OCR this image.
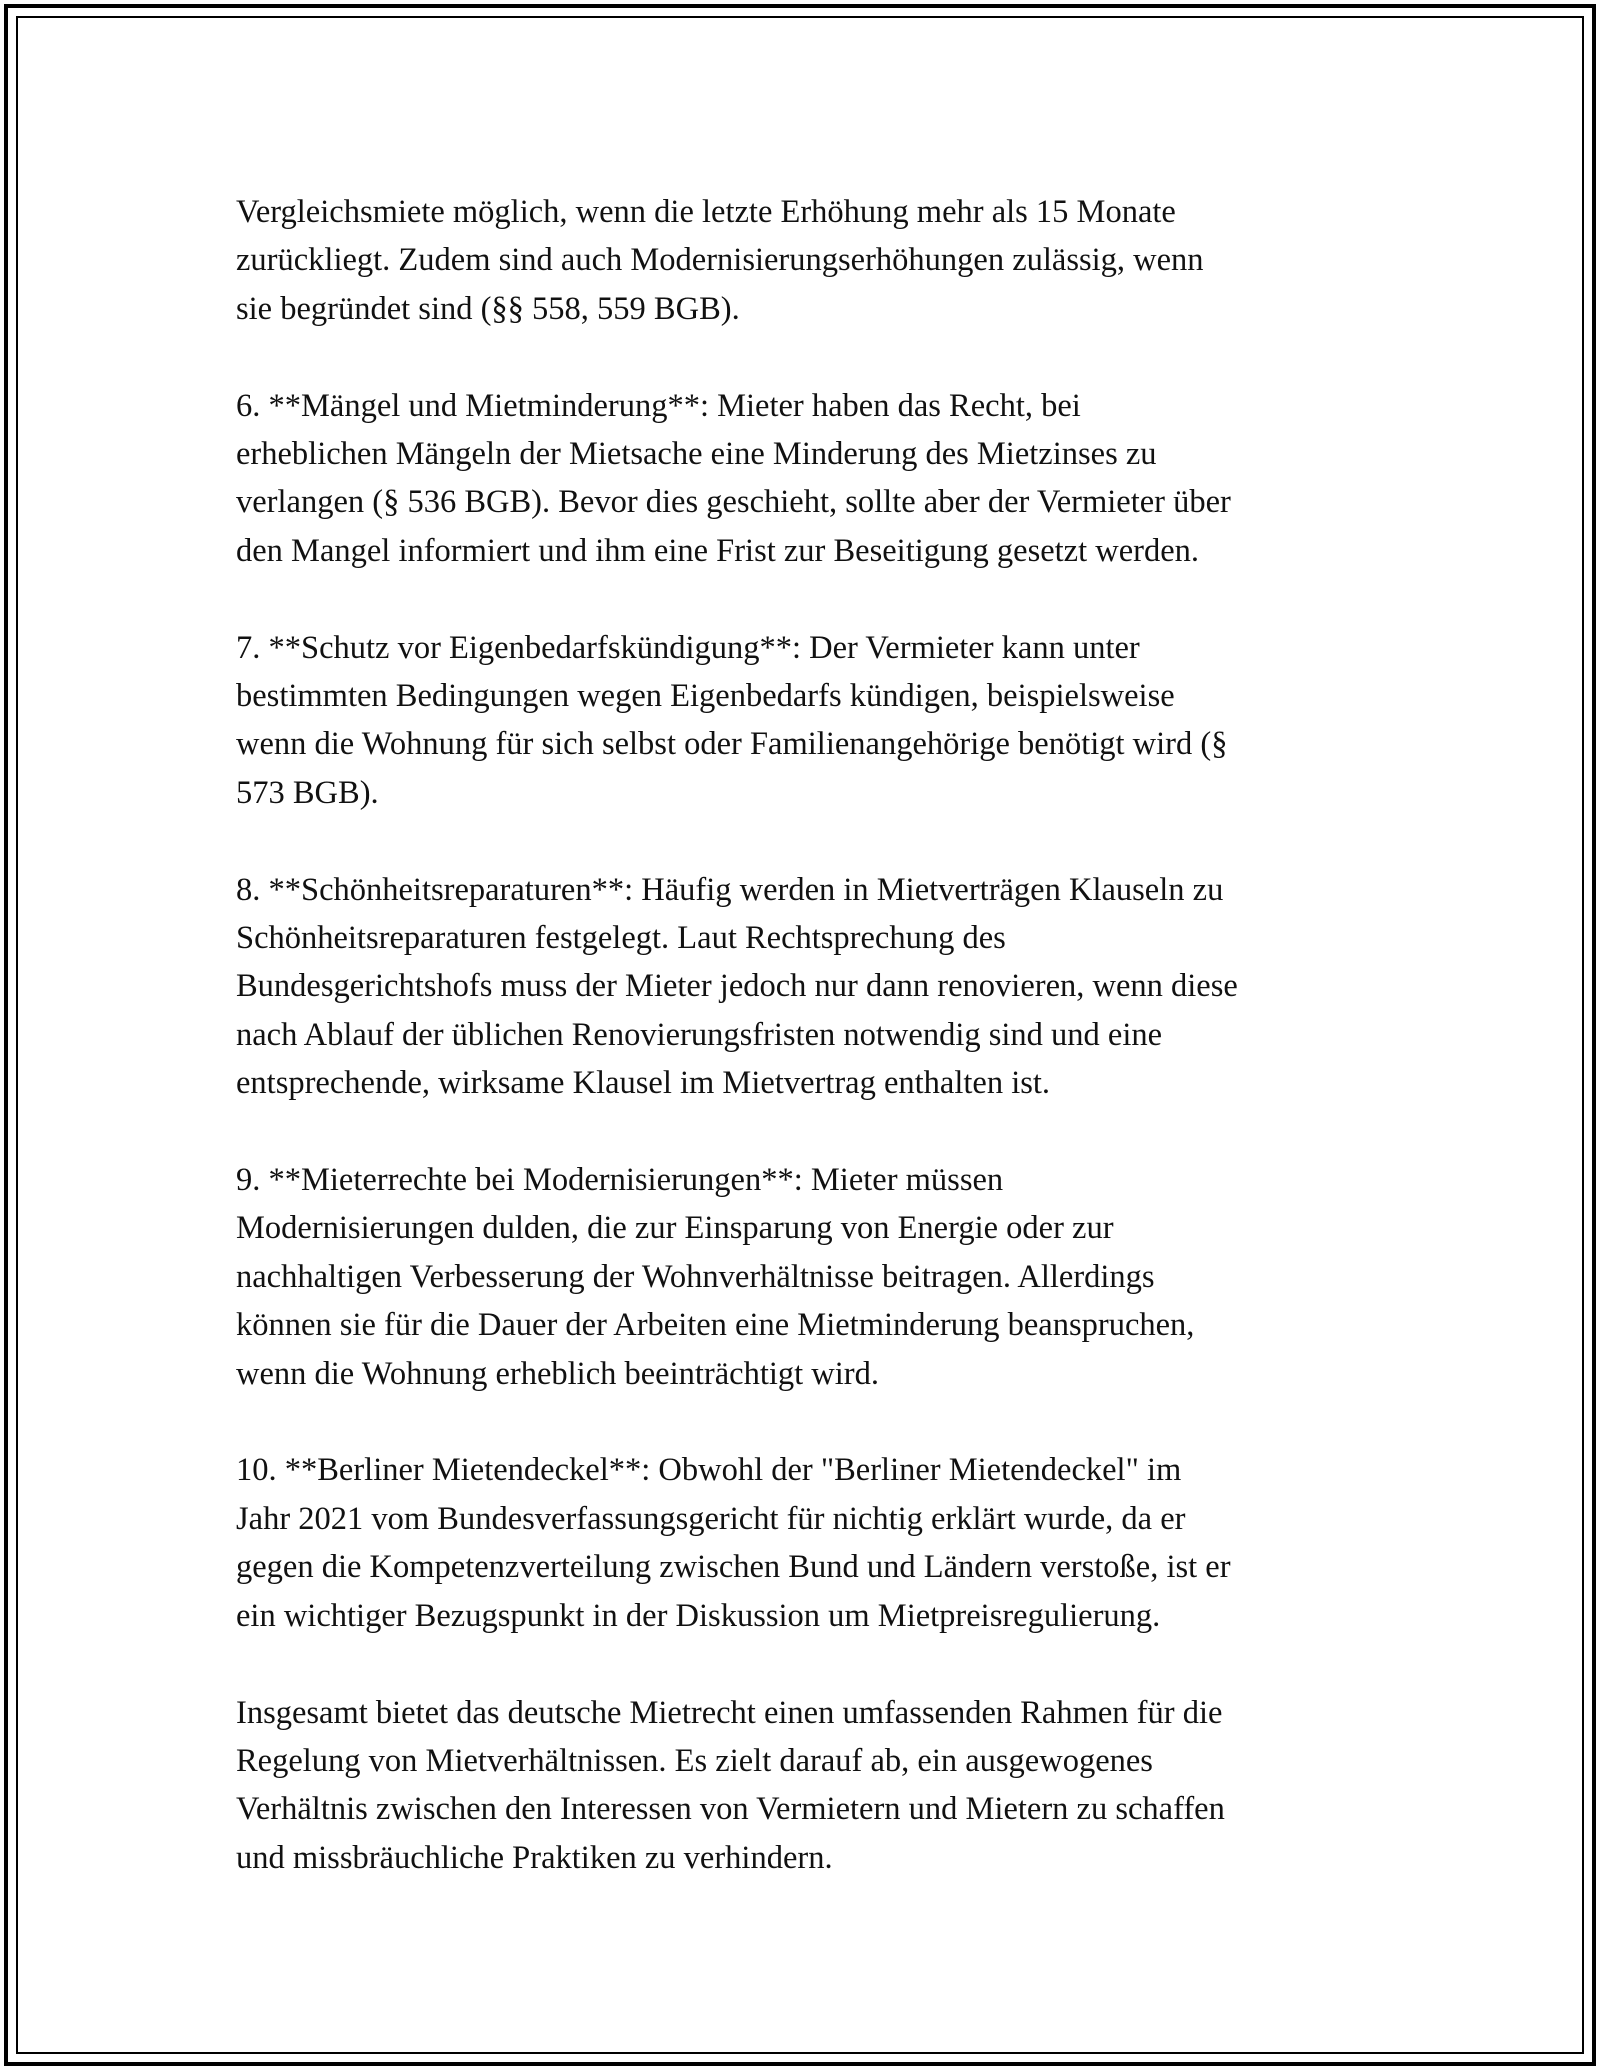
Vergleichsmiete möglich, wenn die letzte Erhöhung mehr als 15 Monate
zurückliegt. Zudem sind auch Modernisierungserhöhungen zulässig, wenn
sie begründet sind (§§ 558, 559 BGB).

6. **Mängel und Mietminderung**: Mieter haben das Recht, bei
erheblichen Mängeln der Mietsache eine Minderung des Mietzinses zu
verlangen (§ 536 BGB). Bevor dies geschieht, sollte aber der Vermieter über
den Mangel informiert und ihm eine Frist zur Beseitigung gesetzt werden.

7. **Schutz vor Eigenbedarfskündigung**: Der Vermieter kann unter
bestimmten Bedingungen wegen Eigenbedarfs kündigen, beispielsweise
wenn die Wohnung für sich selbst oder Familienangehörige benötigt wird (§
573 BGB).

8. **Schönheitsreparaturen**: Häufig werden in Mietverträgen Klauseln zu
Schönheitsreparaturen festgelegt. Laut Rechtsprechung des
Bundesgerichtshofs muss der Mieter jedoch nur dann renovieren, wenn diese
nach Ablauf der üblichen Renovierungsfristen notwendig sind und eine
entsprechende, wirksame Klausel im Mietvertrag enthalten ist.

9. **Mieterrechte bei Modernisierungen**: Mieter müssen
Modernisierungen dulden, die zur Einsparung von Energie oder zur
nachhaltigen Verbesserung der Wohnverhältnisse beitragen. Allerdings
können sie für die Dauer der Arbeiten eine Mietminderung beanspruchen,
wenn die Wohnung erheblich beeinträchtigt wird.

10. **Berliner Mietendeckel**: Obwohl der "Berliner Mietendeckel" im
Jahr 2021 vom Bundesverfassungsgericht für nichtig erklärt wurde, da er
gegen die Kompetenzverteilung zwischen Bund und Ländern verstoße, ist er
ein wichtiger Bezugspunkt in der Diskussion um Mietpreisregulierung.

Insgesamt bietet das deutsche Mietrecht einen umfassenden Rahmen für die
Regelung von Mietverhältnissen. Es zielt darauf ab, ein ausgewogenes
Verhältnis zwischen den Interessen von Vermietern und Mietern zu schaffen
und missbräuchliche Praktiken zu verhindern.
